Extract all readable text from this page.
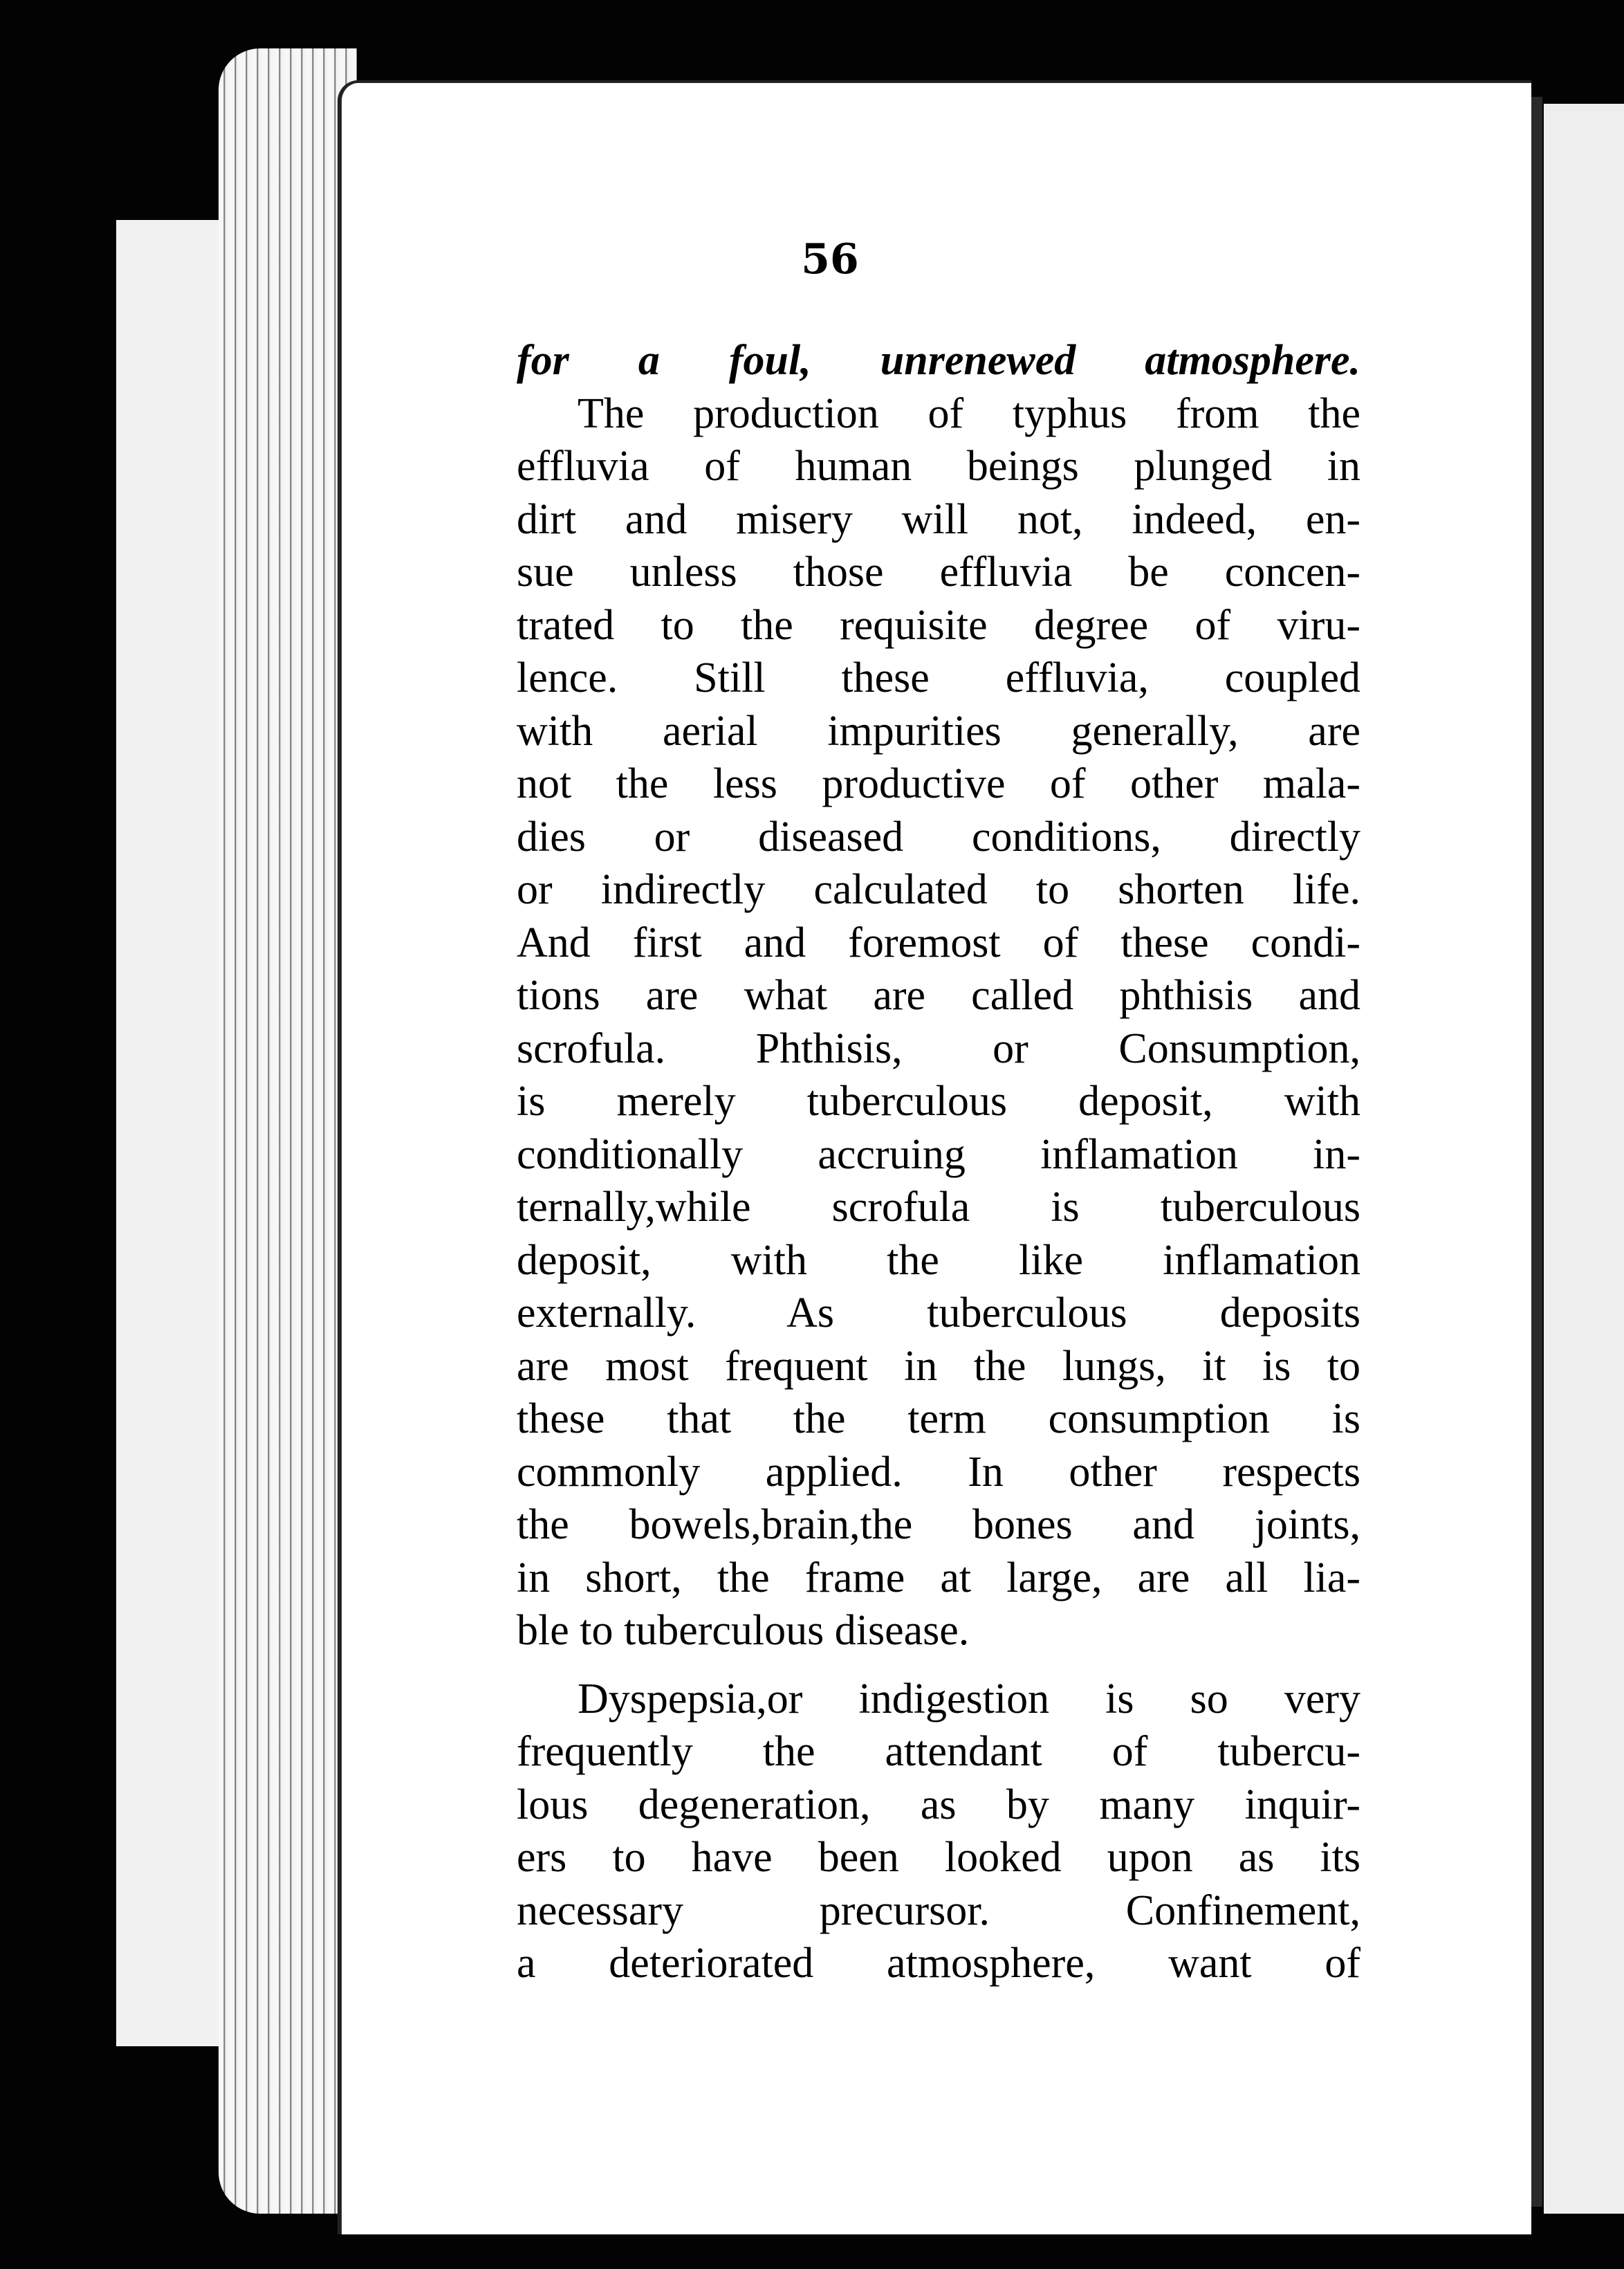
56
for a foul, unrenewed atmosphere.
The production of typhus from the
effluvia of human beings plunged in
dirt and misery will not, indeed, en-
sue unless those effluvia be concen-
trated to the requisite degree of viru-
lence. Still these effluvia, coupled
with aerial impurities generally, are
not the less productive of other mala-
dies or diseased conditions, directly
or indirectly calculated to shorten life.
And first and foremost of these condi-
tions are what are called phthisis and
scrofula. Phthisis, or Consumption,
is merely tuberculous deposit, with
conditionally accruing inflamation in-
ternally,while scrofula is tuberculous
deposit, with the like inflamation
externally. As tuberculous deposits
are most frequent in the lungs, it is to
these that the term consumption is
commonly applied. In other respects
the bowels,brain,the bones and joints,
in short, the frame at large, are all lia-
ble to tuberculous disease.
Dyspepsia,or indigestion is so very
frequently the attendant of tubercu-
lous degeneration, as by many inquir-
ers to have been looked upon as its
necessary precursor. Confinement,
a deteriorated atmosphere, want of
